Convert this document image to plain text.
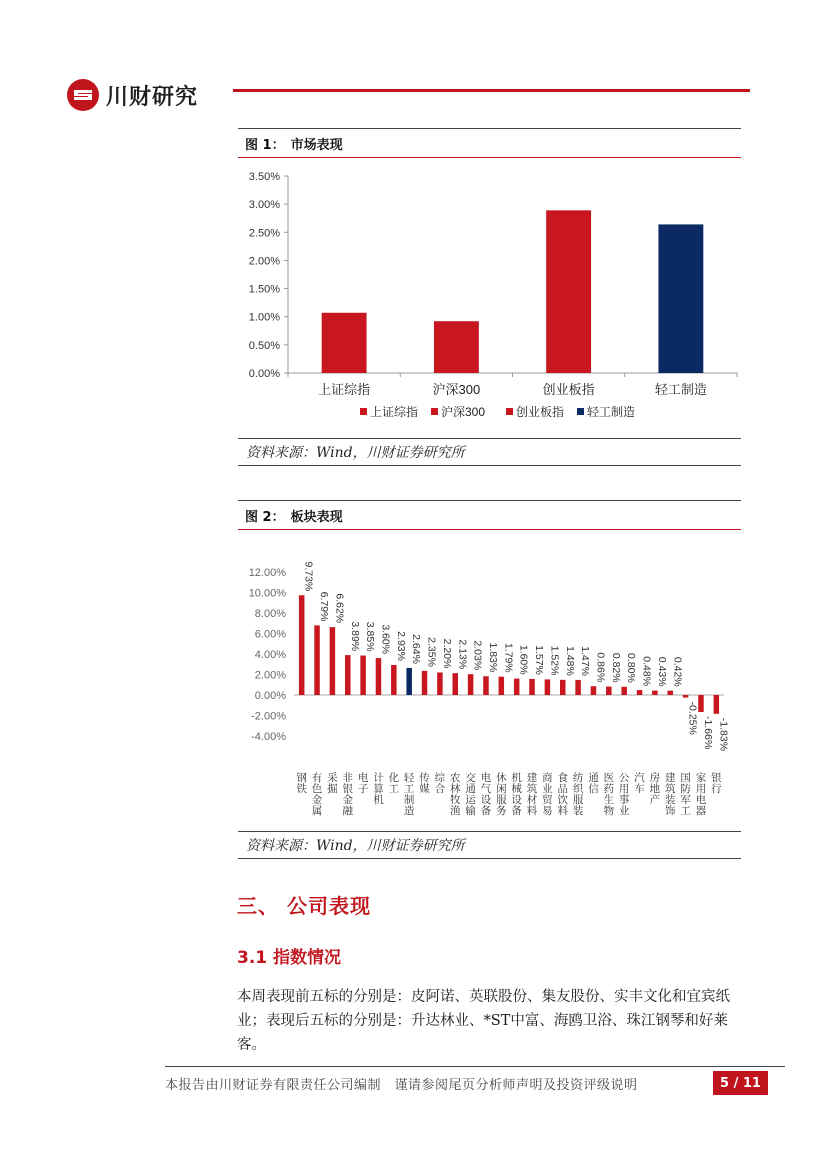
川财研究
图 1： 市场表现
0.00%
0.50%
1.00%
1.50%
2.00%
2.50%
3.00%
3.50%
上证综指	沪深300	创业板指	轻工制造
上证综指 沪深300	创业板指 轻工制造
资料来源：Wind，川财证券研究所
图 2： 板块表现
-4.00%
-2.00%
0.00%
2.00%
4.00%
6.00%
8.00%
10.00%
12.00% 9.73%
钢铁
6.79%
有色金属
6.62%
采掘
3.89%
非银金融
3.85%
电子
3.60%
计算机
2.93%
化工
2.64%
轻工制造
2.35%
传媒
2.20%
综合
2.13%
农林牧渔
2.03%
交通运输
1.83%
电气设备
1.79%
休闲服务
1.60%
机械设备
1.57%
建筑材料
1.52%
商业贸易
1.48%
食品饮料
1.47%
纺织服装
0.86%
通信
0.82%
医药生物
0.80%
公用事业
0.48%
汽车
0.43%
房地产
0.42%
建筑装饰
-0.25%
国防军工
-1.66%
家用电器
-1.83%
银行
资料来源：Wind，川财证券研究所
三、 公司表现
3.1 指数情况
本周表现前五标的分别是：皮阿诺、英联股份、集友股份、实丰文化和宜宾纸业；表现后五标的分别是：升达林业、*ST中富、海鸥卫浴、珠江钢琴和好莱客。
本报告由川财证券有限责任公司编制　谨请参阅尾页分析师声明及投资评级说明	5 / 11
